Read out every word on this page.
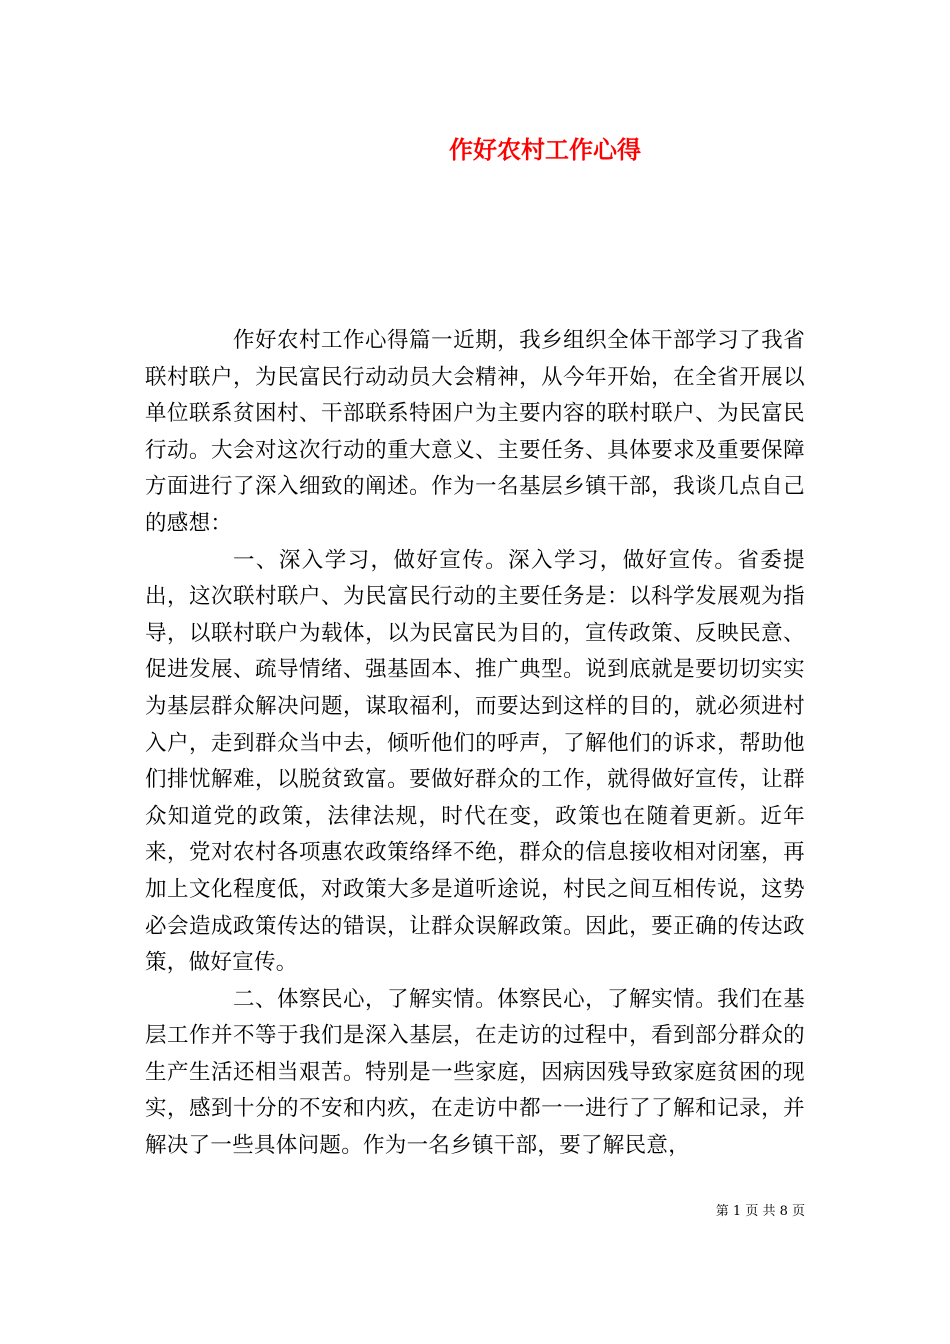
作好农村工作心得

作好农村工作心得篇一近期，我乡组织全体干部学习了我省联村联户，为民富民行动动员大会精神，从今年开始，在全省开展以单位联系贫困村、干部联系特困户为主要内容的联村联户、为民富民行动。大会对这次行动的重大意义、主要任务、具体要求及重要保障方面进行了深入细致的阐述。作为一名基层乡镇干部，我谈几点自己的感想：

一、深入学习，做好宣传。深入学习，做好宣传。省委提出，这次联村联户、为民富民行动的主要任务是：以科学发展观为指导，以联村联户为载体，以为民富民为目的，宣传政策、反映民意、促进发展、疏导情绪、强基固本、推广典型。说到底就是要切切实实为基层群众解决问题，谋取福利，而要达到这样的目的，就必须进村入户，走到群众当中去，倾听他们的呼声，了解他们的诉求，帮助他们排忧解难，以脱贫致富。要做好群众的工作，就得做好宣传，让群众知道党的政策，法律法规，时代在变，政策也在随着更新。近年来，党对农村各项惠农政策络绎不绝，群众的信息接收相对闭塞，再加上文化程度低，对政策大多是道听途说，村民之间互相传说，这势必会造成政策传达的错误，让群众误解政策。因此，要正确的传达政策，做好宣传。

二、体察民心，了解实情。体察民心，了解实情。我们在基层工作并不等于我们是深入基层，在走访的过程中，看到部分群众的生产生活还相当艰苦。特别是一些家庭，因病因残导致家庭贫困的现实，感到十分的不安和内疚，在走访中都一一进行了了解和记录，并解决了一些具体问题。作为一名乡镇干部，要了解民意，

第 1 页 共 8 页
